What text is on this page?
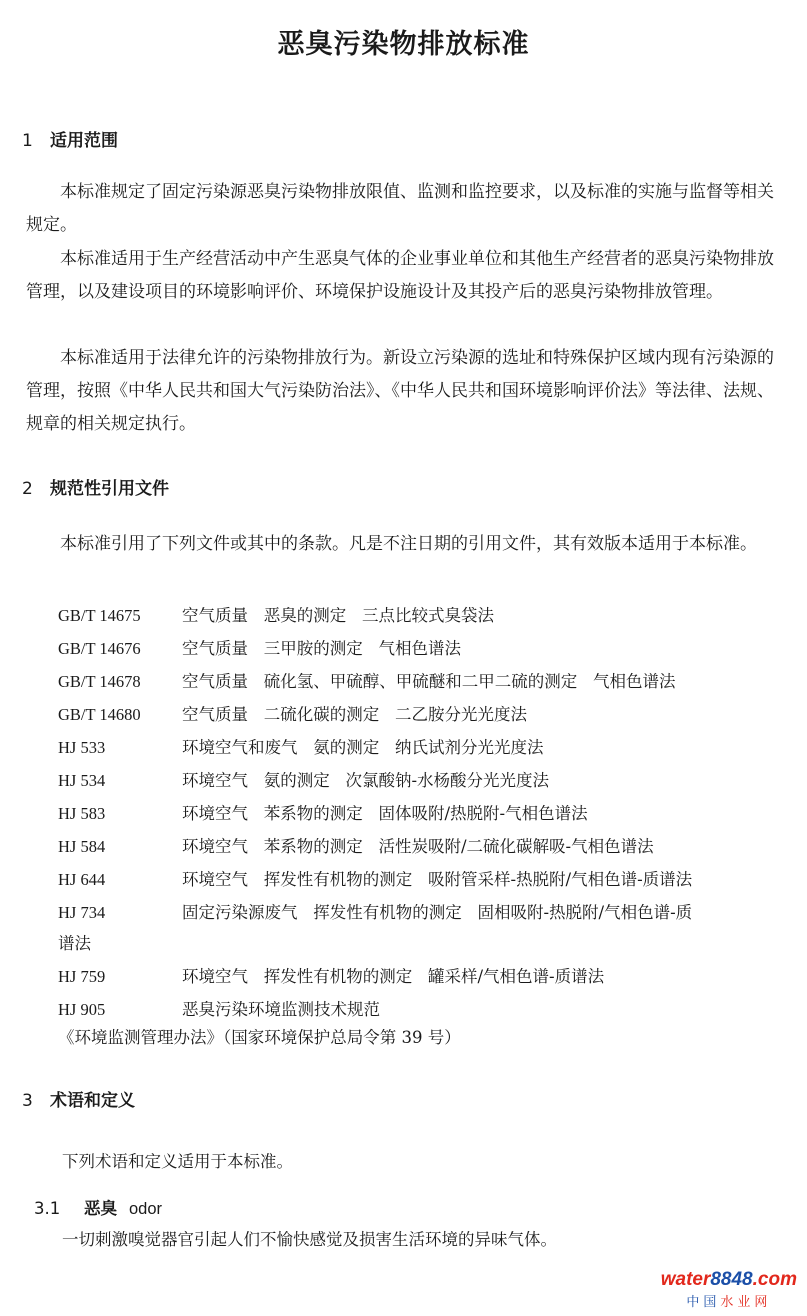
恶臭污染物排放标准
1 适用范围
本标准规定了固定污染源恶臭污染物排放限值、监测和监控要求，以及标准的实施与监督等相关规定。
本标准适用于生产经营活动中产生恶臭气体的企业事业单位和其他生产经营者的恶臭污染物排放管理，以及建设项目的环境影响评价、环境保护设施设计及其投产后的恶臭污染物排放管理。
本标准适用于法律允许的污染物排放行为。新设立污染源的选址和特殊保护区域内现有污染源的管理，按照《中华人民共和国大气污染防治法》、《中华人民共和国环境影响评价法》等法律、法规、规章的相关规定执行。
2 规范性引用文件
本标准引用了下列文件或其中的条款。凡是不注日期的引用文件，其有效版本适用于本标准。
GB/T 14675	空气质量   恶臭的测定   三点比较式臭袋法
GB/T 14676	空气质量   三甲胺的测定   气相色谱法
GB/T 14678	空气质量   硫化氢、甲硫醇、甲硫醚和二甲二硫的测定   气相色谱法
GB/T 14680	空气质量   二硫化碳的测定   二乙胺分光光度法
HJ 533	环境空气和废气   氨的测定   纳氏试剂分光光度法
HJ 534	环境空气   氨的测定   次氯酸钠-水杨酸分光光度法
HJ 583	环境空气   苯系物的测定   固体吸附/热脱附-气相色谱法
HJ 584	环境空气   苯系物的测定   活性炭吸附/二硫化碳解吸-气相色谱法
HJ 644	环境空气   挥发性有机物的测定   吸附管采样-热脱附/气相色谱-质谱法
HJ 734	固定污染源废气   挥发性有机物的测定   固相吸附-热脱附/气相色谱-质
谱法
HJ 759	环境空气   挥发性有机物的测定   罐采样/气相色谱-质谱法
HJ 905	恶臭污染环境监测技术规范
《环境监测管理办法》（国家环境保护总局令第 39 号）
3 术语和定义
下列术语和定义适用于本标准。
3.1 恶臭 odor
一切刺激嗅觉器官引起人们不愉快感觉及损害生活环境的异味气体。
water8848.com
中国水业网
